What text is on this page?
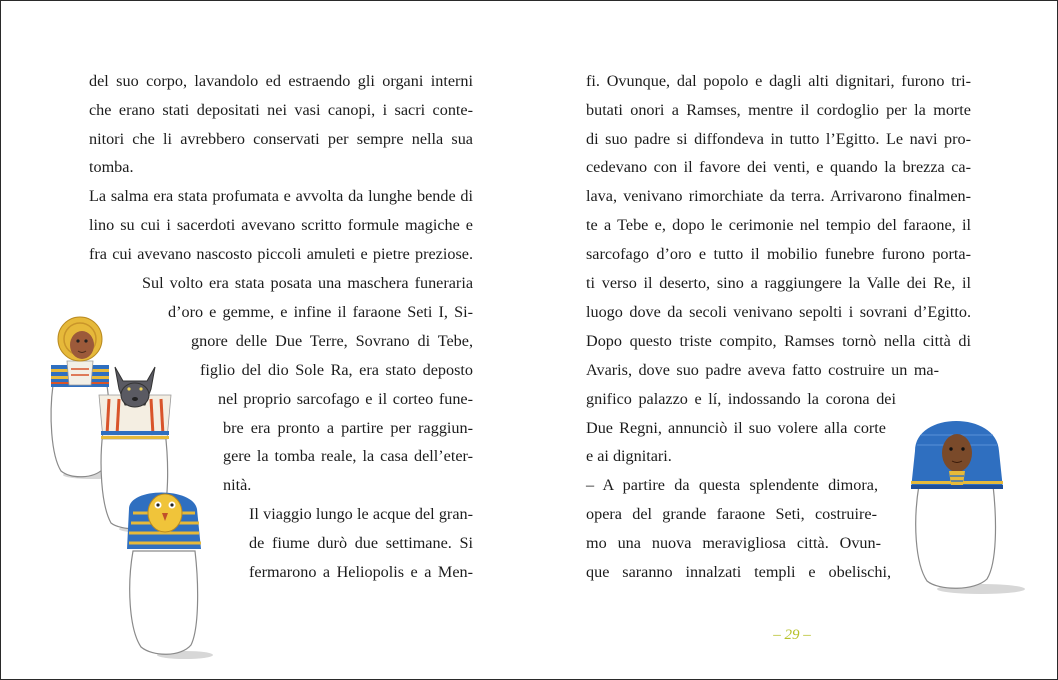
del suo corpo, lavandolo ed estraendo gli organi interni

che erano stati depositati nei vasi canopi, i sacri conte-

nitori che li avrebbero conservati per sempre nella sua

tomba.

La salma era stata profumata e avvolta da lunghe bende di

lino su cui i sacerdoti avevano scritto formule magiche e

fra cui avevano nascosto piccoli amuleti e pietre preziose.

Sul volto era stata posata una maschera funeraria

d’oro e gemme, e infine il faraone Seti I, Si-

gnore delle Due Terre, Sovrano di Tebe,

figlio del dio Sole Ra, era stato deposto

nel proprio sarcofago e il corteo fune-

bre era pronto a partire per raggiun-

gere la tomba reale, la casa dell’eter-

nità.

Il viaggio lungo le acque del gran-

de fiume durò due settimane. Si

fermarono a Heliopolis e a Men-

fi. Ovunque, dal popolo e dagli alti dignitari, furono tri-

butati onori a Ramses, mentre il cordoglio per la morte

di suo padre si diffondeva in tutto l’Egitto. Le navi pro-

cedevano con il favore dei venti, e quando la brezza ca-

lava, venivano rimorchiate da terra. Arrivarono finalmen-

te a Tebe e, dopo le cerimonie nel tempio del faraone, il

sarcofago d’oro e tutto il mobilio funebre furono porta-

ti verso il deserto, sino a raggiungere la Valle dei Re, il

luogo dove da secoli venivano sepolti i sovrani d’Egitto.

Dopo questo triste compito, Ramses tornò nella città di

Avaris, dove suo padre aveva fatto costruire un ma-

gnifico palazzo e lí, indossando la corona dei

Due Regni, annunciò il suo volere alla corte

e ai dignitari.

– A partire da questa splendente dimora,

opera del grande faraone Seti, costruire-

mo una nuova meravigliosa città. Ovun-

que saranno innalzati templi e obelischi,

– 29 –
